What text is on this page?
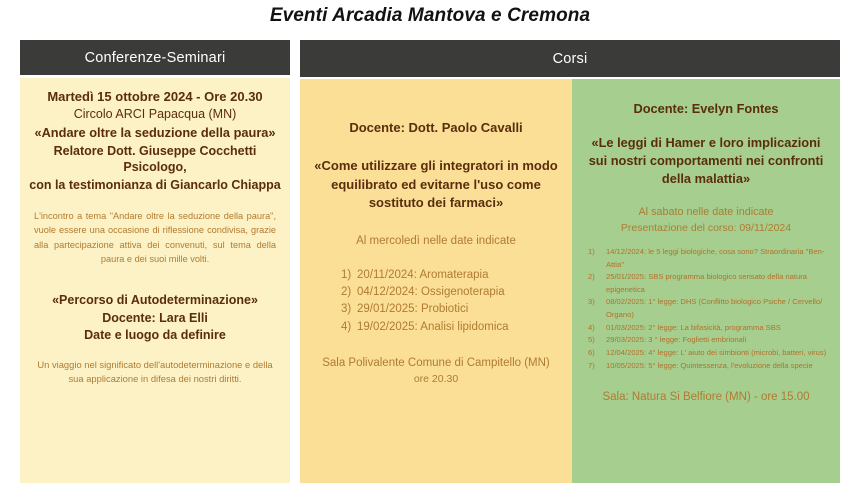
Eventi Arcadia Mantova e Cremona
Conferenze-Seminari	Corsi
Martedì 15 ottobre 2024 - Ore 20.30
Circolo ARCI Papacqua (MN)
«Andare oltre la seduzione della paura»
Relatore Dott. Giuseppe Cocchetti Psicologo,
con la testimonianza di Giancarlo Chiappa
L'incontro a tema "Andare oltre la seduzione della paura", vuole essere una occasione di riflessione condivisa, grazie alla partecipazione attiva dei convenuti, sul tema della paura e dei suoi mille volti.
«Percorso di Autodeterminazione»
Docente: Lara Elli
Date e luogo da definire
Un viaggio nel significato dell'autodeterminazione e della sua applicazione in difesa dei nostri diritti.
Docente: Dott. Paolo Cavalli
«Come utilizzare gli integratori in modo equilibrato ed evitarne l'uso come sostituto dei farmaci»
Al mercoledì nelle date indicate
1) 20/11/2024: Aromaterapia
2) 04/12/2024: Ossigenoterapia
3) 29/01/2025: Probiotici
4) 19/02/2025: Analisi lipidomica
Sala Polivalente Comune di Campitello (MN)
ore 20.30
Docente: Evelyn Fontes
«Le leggi di Hamer e loro implicazioni sui nostri comportamenti nei confronti della malattia»
Al sabato nelle date indicate
Presentazione del corso: 09/11/2024
1)	14/12/2024: le 5 leggi biologiche, cosa sono? Straordinaria "Ben- Attia"
2)	25/01/2025: SBS programma biologico sensato della natura epigenetica
3)	08/02/2025: 1° legge: DHS (Conflitto biologico Psiche / Cervello/ Organo)
4)	01/03/2025: 2° legge: La bifasicità, programma SBS
5)	29/03/2025: 3 ° legge: Foglietti embrionali
6)	12/04/2025: 4° legge: L' aiuto dei simbionti (microbi, batteri, virus)
7)	10/05/2025: 5° legge: Quintessenza, l'evoluzione della specie
Sala: Natura Si Belfiore (MN) - ore 15.00
